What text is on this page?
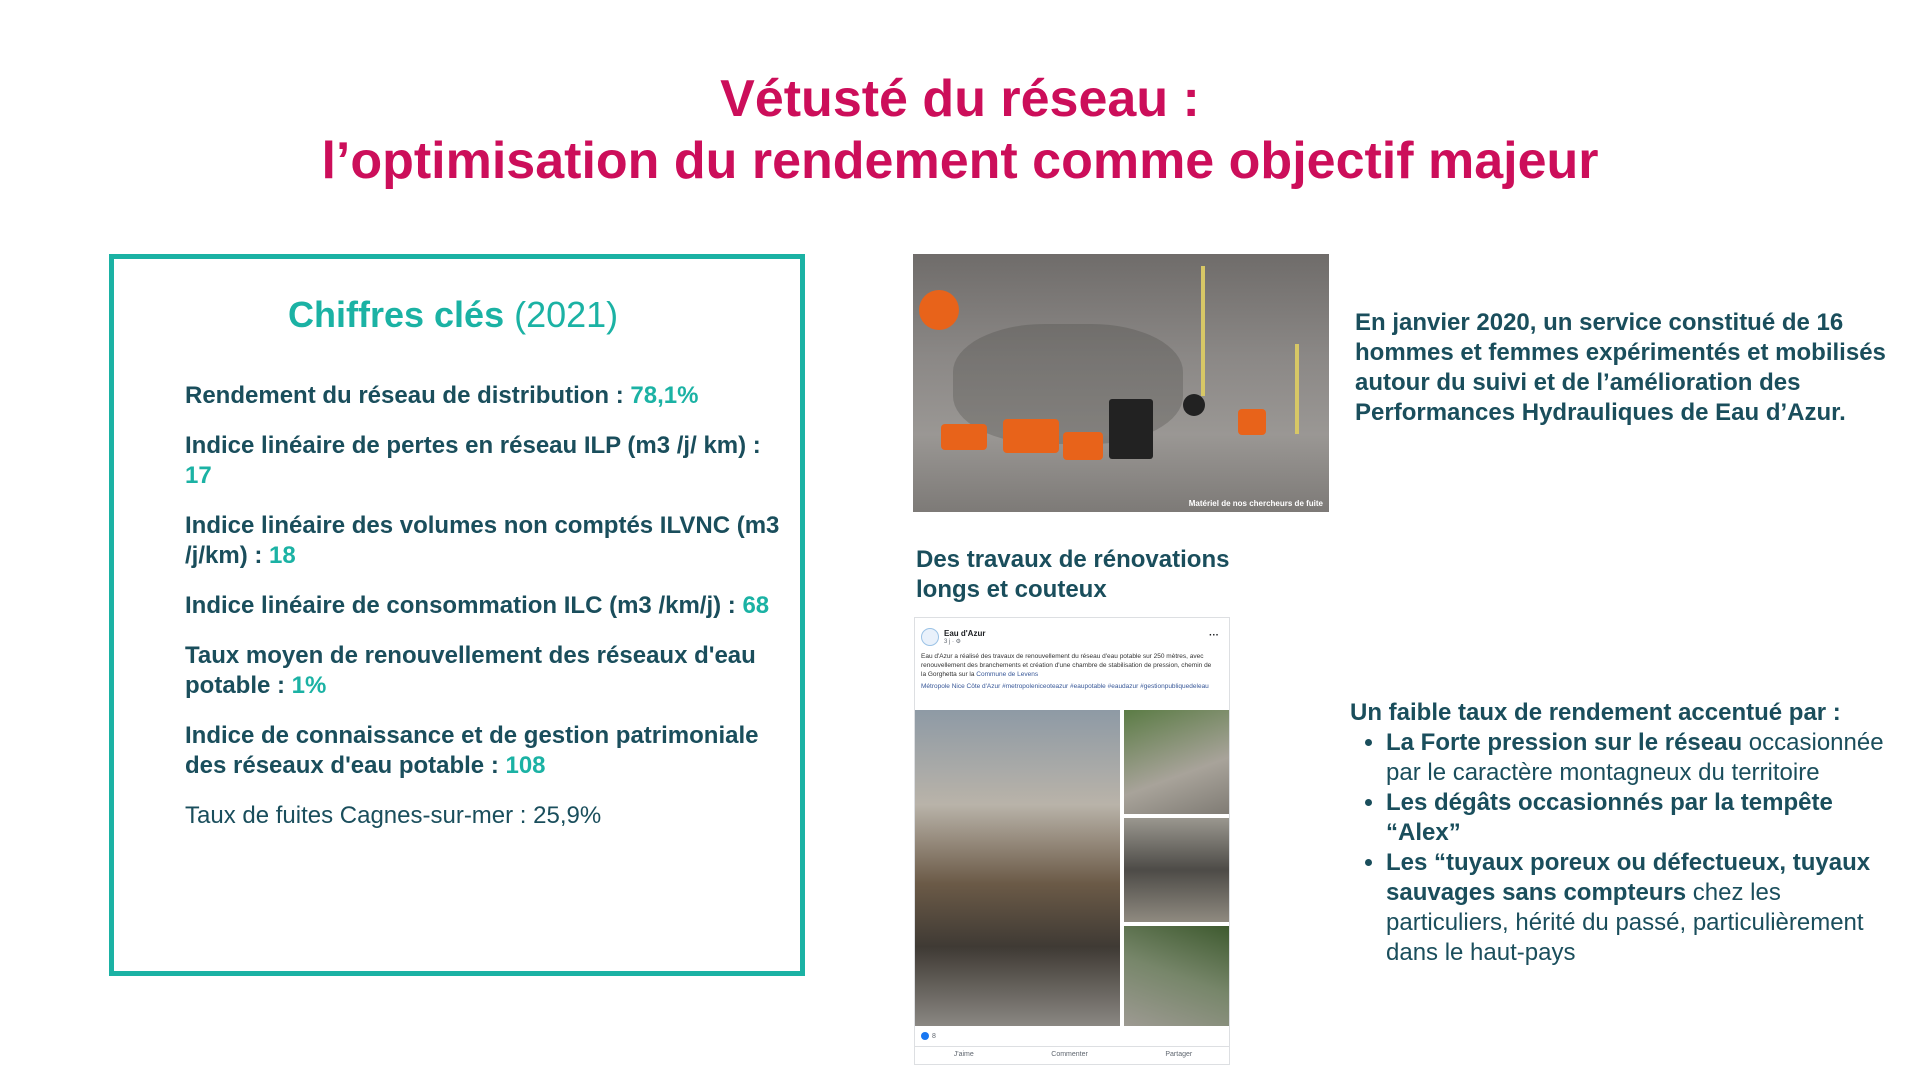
Vétusté du réseau :
l’optimisation du rendement comme objectif majeur
Chiffres clés (2021)
Rendement du réseau de distribution : 78,1%
Indice linéaire de pertes en réseau ILP (m3 /j/ km) : 17
Indice linéaire des volumes non comptés ILVNC (m3 /j/km) : 18
Indice linéaire de consommation ILC (m3 /km/j) : 68
Taux moyen de renouvellement des réseaux d'eau potable : 1%
Indice de connaissance et de gestion patrimoniale des réseaux d'eau potable : 108
Taux de fuites Cagnes-sur-mer : 25,9%
Matériel de nos chercheurs de fuite
En janvier 2020, un service constitué de 16 hommes et femmes expérimentés et mobilisés autour du suivi et de l’amélioration des Performances Hydrauliques de Eau d’Azur.
Des travaux de rénovations longs et couteux
Eau d'Azur
3 j · ⚙
···
Eau d'Azur a réalisé des travaux de renouvellement du réseau d'eau potable sur 250 mètres, avec renouvellement des branchements et création d'une chambre de stabilisation de pression, chemin de la Gorghetta sur la Commune de Levens
Métropole Nice Côte d'Azur #metropoleniceoteazur #eaupotable #eaudazur #gestionpubliquedeleau
8
J'aime	Commenter	Partager
Un faible taux de rendement accentué par :
• La Forte pression sur le réseau occasionnée par le caractère montagneux du territoire
• Les dégâts occasionnés par la tempête “Alex”
• Les “tuyaux poreux ou défectueux, tuyaux sauvages sans compteurs chez les particuliers, hérité du passé, particulièrement dans le haut-pays
